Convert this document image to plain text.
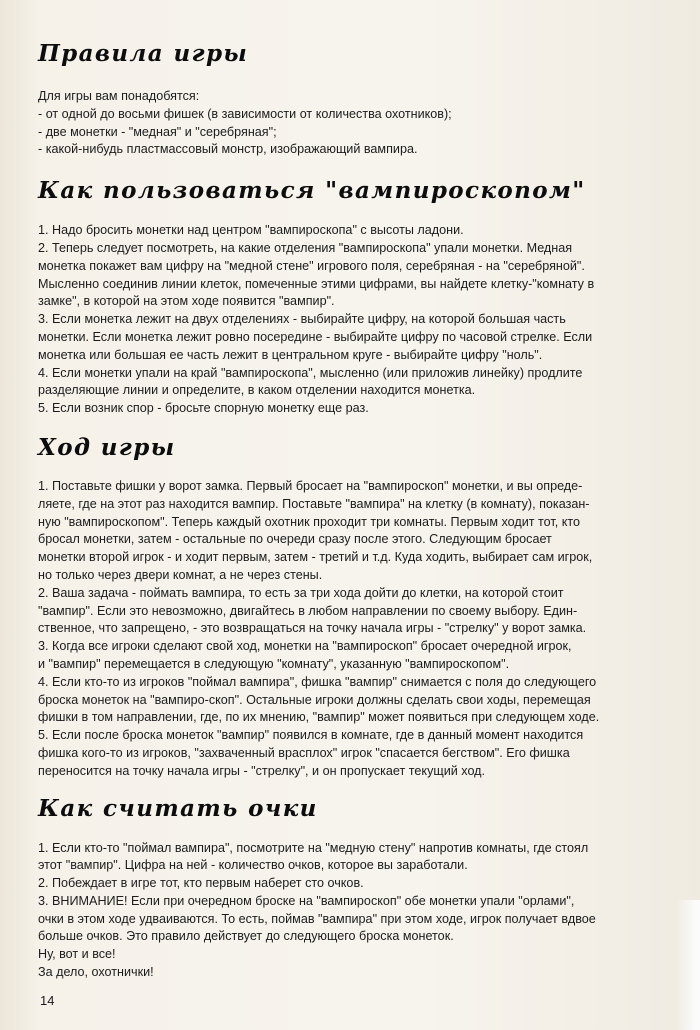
Правила игры

Для игры вам понадобятся:

- от одной до восьми фишек (в зависимости от количества охотников);

- две монетки - "медная" и "серебряная";

- какой-нибудь пластмассовый монстр, изображающий вампира.

Как пользоваться "вампироскопом"

1. Надо бросить монетки над центром "вампироскопа" с высоты ладони.

2. Теперь следует посмотреть, на какие отделения "вампироскопа" упали монетки. Медная

монетка покажет вам цифру на "медной стене" игрового поля, серебряная - на "серебряной".

Мысленно соединив линии клеток, помеченные этими цифрами, вы найдете клетку-"комнату в

замке", в которой на этом ходе появится "вампир".

3. Если монетка лежит на двух отделениях - выбирайте цифру, на которой большая часть

монетки. Если монетка лежит ровно посередине - выбирайте цифру по часовой стрелке. Если

монетка или большая ее часть лежит в центральном круге - выбирайте цифру "ноль".

4. Если монетки упали на край "вампироскопа", мысленно (или приложив линейку) продлите

разделяющие линии и определите, в каком отделении находится монетка.

5. Если возник спор - бросьте спорную монетку еще раз.

Ход игры

1. Поставьте фишки у ворот замка. Первый бросает на "вампироскоп" монетки, и вы опреде-

ляете, где на этот раз находится вампир. Поставьте "вампира" на клетку (в комнату), показан-

ную "вампироскопом". Теперь каждый охотник проходит три комнаты. Первым ходит тот, кто

бросал монетки, затем - остальные по очереди сразу после этого. Следующим бросает

монетки второй игрок - и ходит первым, затем - третий и т.д. Куда ходить, выбирает сам игрок,

но только через двери комнат, а не через стены.

2. Ваша задача - поймать вампира, то есть за три хода дойти до клетки, на которой стоит

"вампир". Если это невозможно, двигайтесь в любом направлении по своему выбору. Един-

ственное, что запрещено, - это возвращаться на точку начала игры - "стрелку" у ворот замка.

3. Когда все игроки сделают свой ход, монетки на "вампироскоп" бросает очередной игрок,

и "вампир" перемещается в следующую "комнату", указанную "вампироскопом".

4. Если кто-то из игроков "поймал вампира", фишка "вампир" снимается с поля до следующего

броска монеток на "вампиро-скоп". Остальные игроки должны сделать свои ходы, перемещая

фишки в том направлении, где, по их мнению, "вампир" может появиться при следующем ходе.

5. Если после броска монеток "вампир" появился в комнате, где в данный момент находится

фишка кого-то из игроков, "захваченный врасплох" игрок "спасается бегством". Его фишка

переносится на точку начала игры - "стрелку", и он пропускает текущий ход.

Как считать очки

1. Если кто-то "поймал вампира", посмотрите на "медную стену" напротив комнаты, где стоял

этот "вампир". Цифра на ней - количество очков, которое вы заработали.

2. Побеждает в игре тот, кто первым наберет сто очков.

3. ВНИМАНИЕ! Если при очередном броске на "вампироскоп" обе монетки упали "орлами",

очки в этом ходе удваиваются. То есть, поймав "вампира" при этом ходе, игрок получает вдвое

больше очков. Это правило действует до следующего броска монеток.

Ну, вот и все!

За дело, охотнички!

14
